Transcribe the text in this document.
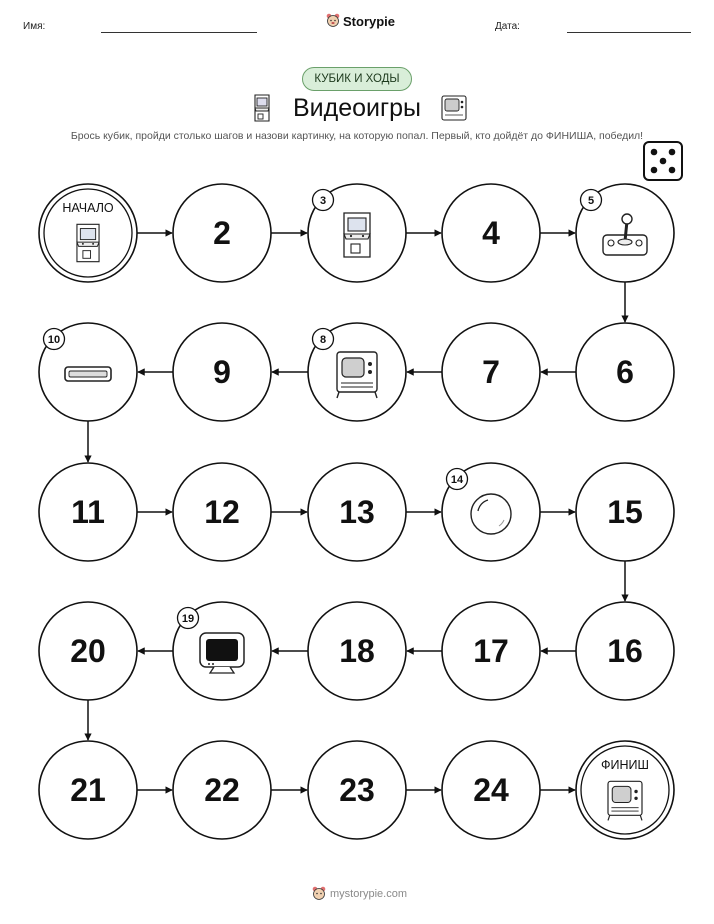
Имя:	Storypie	Дата:
КУБИК И ХОДЫ
Видеоигры
Брось кубик, пройди столько шагов и назови картинку, на которую попал. Первый, кто дойдёт до ФИНИША, победил!
НАЧАЛО
2
3
4
5
6
7
8
9
10
11	12	13
14
15
16
17
18
19
20
21	22	23	24
ФИНИШ
mystorypie.com
